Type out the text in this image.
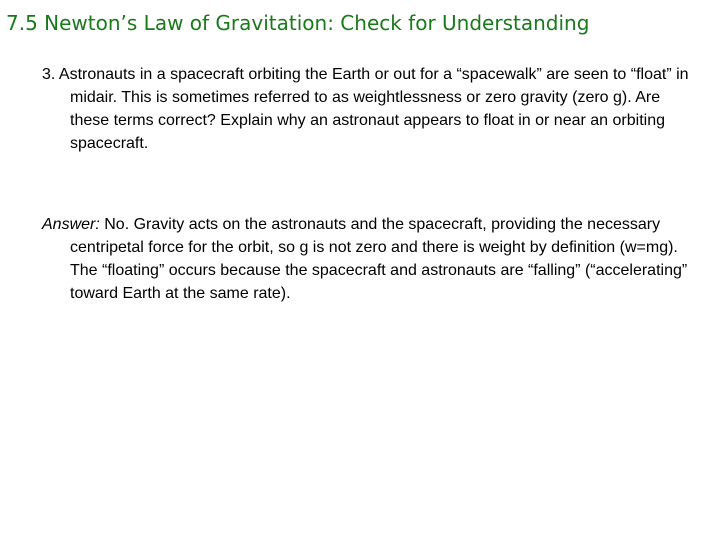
7.5 Newton’s Law of Gravitation: Check for Understanding
3. Astronauts in a spacecraft orbiting the Earth or out for a “spacewalk” are seen to “float” in midair. This is sometimes referred to as weightlessness or zero gravity (zero g). Are these terms correct? Explain why an astronaut appears to float in or near an orbiting spacecraft.
Answer: No. Gravity acts on the astronauts and the spacecraft, providing the necessary centripetal force for the orbit, so g is not zero and there is weight by definition (w=mg). The “floating” occurs because the spacecraft and astronauts are “falling” (“accelerating” toward Earth at the same rate).
